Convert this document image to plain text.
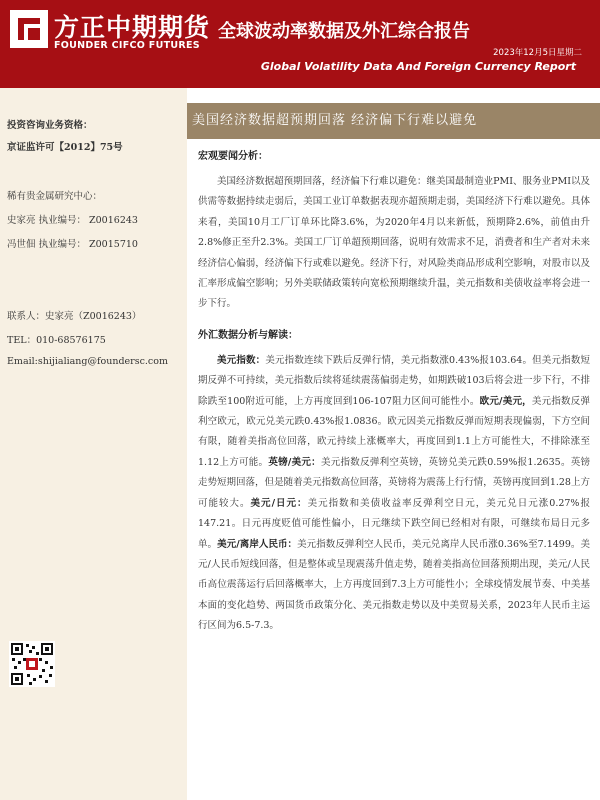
方正中期期货
FOUNDER CIFCO FUTURES
全球波动率数据及外汇综合报告
2023年12月5日星期二
Global Volatility Data And Foreign Currency Report
投资咨询业务资格：
京证监许可【2012】75号
稀有贵金属研究中心：
史家亮 执业编号： Z0016243
冯世佃 执业编号： Z0015710
联系人：史家亮（Z0016243）
TEL：010-68576175
Email:shijialiang@foundersc.com
美国经济数据超预期回落 经济偏下行难以避免

宏观要闻分析：

美国经济数据超预期回落，经济偏下行难以避免：继美国最制造业PMI、服务业PMI以及供需等数据持续走弱后，美国工业订单数据表现亦超预期走弱，美国经济下行难以避免。具体来看，美国10月工厂订单环比降3.6%，为2020年4月以来新低，预期降2.6%，前值由升2.8%修正至升2.3%。美国工厂订单超预期回落，说明有效需求不足，消费者和生产者对未来经济信心偏弱，经济偏下行或难以避免。经济下行，对风险类商品形成利空影响，对股市以及汇率形成偏空影响；另外美联储政策转向宽松预期继续升温，美元指数和美债收益率将会进一步下行。

外汇数据分析与解读：

美元指数：美元指数连续下跌后反弹行情，美元指数涨0.43%报103.64。但美元指数短期反弹不可持续，美元指数后续将延续震荡偏弱走势，如期跌破103后将会进一步下行，不排除跌至100附近可能，上方再度回到106-107阻力区间可能性小。欧元/美元，美元指数反弹利空欧元，欧元兑美元跌0.43%报1.0836。欧元因美元指数反弹而短期表现偏弱，下方空间有限，随着美指高位回落，欧元持续上涨概率大，再度回到1.1上方可能性大，不排除涨至1.12上方可能。英镑/美元：美元指数反弹利空英镑，英镑兑美元跌0.59%报1.2635。英镑走势短期回落，但是随着美元指数高位回落，英镑将为震荡上行行情，英镑再度回到1.28上方可能较大。美元/日元：美元指数和美债收益率反弹利空日元，美元兑日元涨0.27%报147.21。日元再度贬值可能性偏小，日元继续下跌空间已经相对有限，可继续布局日元多单。美元/离岸人民币：美元指数反弹利空人民币，美元兑离岸人民币涨0.36%至7.1499。美元/人民币短线回落，但是整体或呈现震荡升值走势，随着美指高位回落预期出现，美元/人民币高位震荡运行后回落概率大，上方再度回到7.3上方可能性小；全球疫情发展节奏、中美基本面的变化趋势、两国货币政策分化、美元指数走势以及中美贸易关系，2023年人民币主运行区间为6.5-7.3。
